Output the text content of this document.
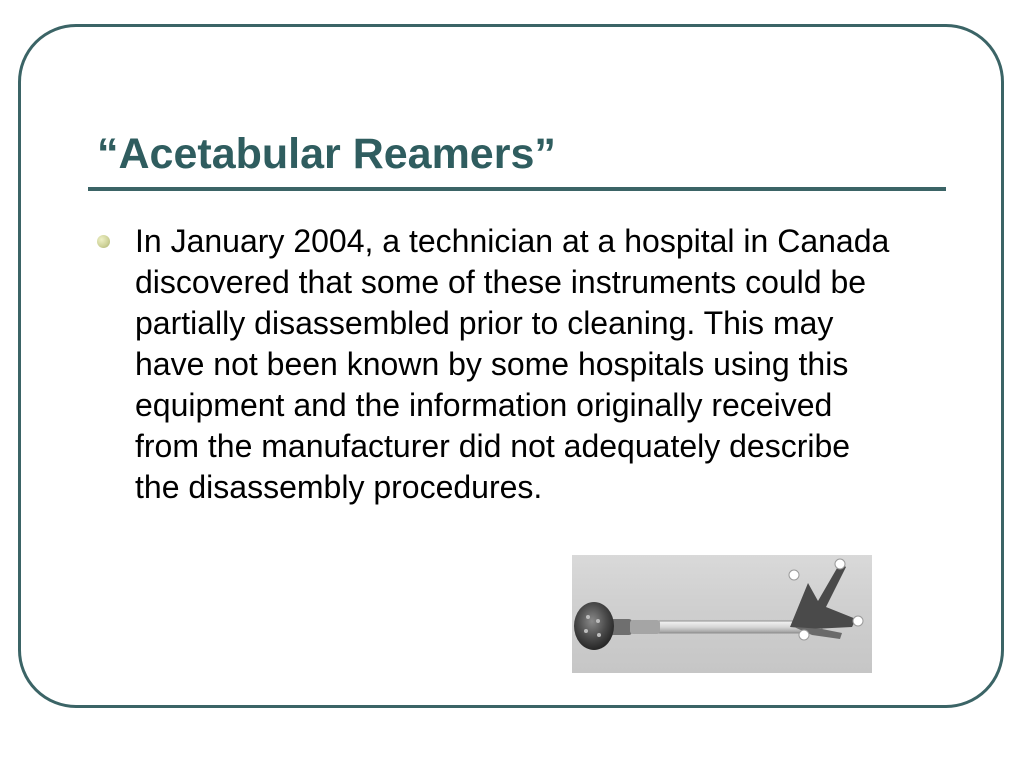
“Acetabular Reamers”
In January 2004, a technician at a hospital in Canada discovered that some of these instruments could be partially disassembled prior to cleaning. This may have not been known by some hospitals using this equipment and the information originally received from the manufacturer did not adequately describe the disassembly procedures.
